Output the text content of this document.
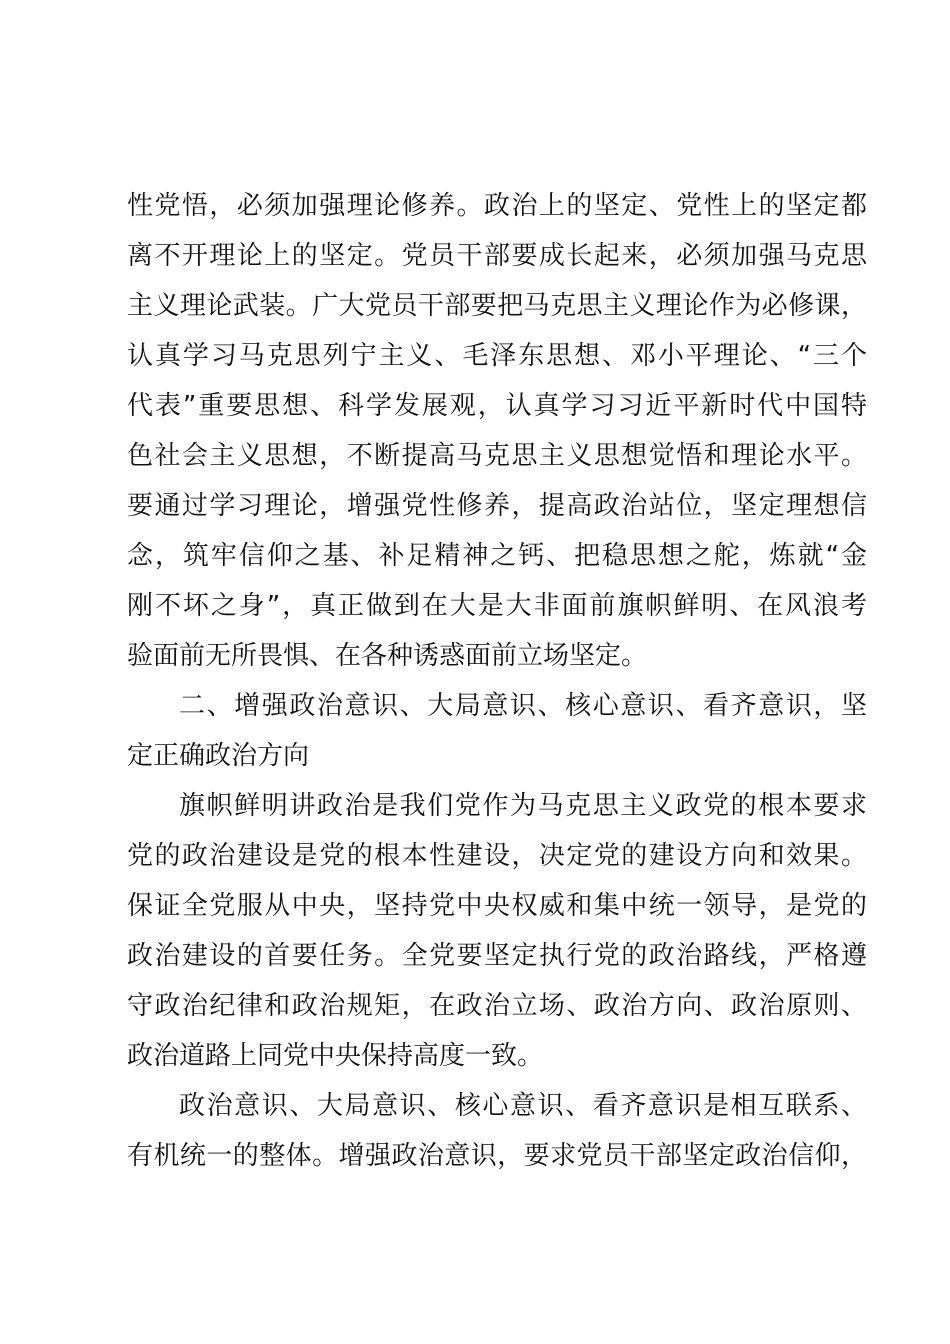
性党悟，必须加强理论修养。政治上的坚定、党性上的坚定都
离不开理论上的坚定。党员干部要成长起来，必须加强马克思
主义理论武装。广大党员干部要把马克思主义理论作为必修课，
认真学习马克思列宁主义、毛泽东思想、邓小平理论、“三个
代表”重要思想、科学发展观，认真学习习近平新时代中国特
色社会主义思想，不断提高马克思主义思想觉悟和理论水平。
要通过学习理论，增强党性修养，提高政治站位，坚定理想信
念，筑牢信仰之基、补足精神之钙、把稳思想之舵，炼就“金
刚不坏之身”，真正做到在大是大非面前旗帜鲜明、在风浪考
验面前无所畏惧、在各种诱惑面前立场坚定。
二、增强政治意识、大局意识、核心意识、看齐意识，坚
定正确政治方向
旗帜鲜明讲政治是我们党作为马克思主义政党的根本要求
党的政治建设是党的根本性建设，决定党的建设方向和效果。
保证全党服从中央，坚持党中央权威和集中统一领导，是党的
政治建设的首要任务。全党要坚定执行党的政治路线，严格遵
守政治纪律和政治规矩，在政治立场、政治方向、政治原则、
政治道路上同党中央保持高度一致。
政治意识、大局意识、核心意识、看齐意识是相互联系、
有机统一的整体。增强政治意识，要求党员干部坚定政治信仰，
